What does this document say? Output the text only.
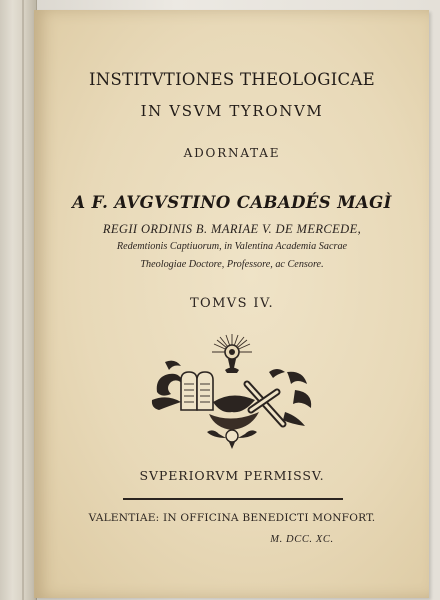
INSTITVTIONES THEOLOGICAE
IN VSVM TYRONVM
ADORNATAE
A F. AVGVSTINO CABADÉS MAGÌ
REGII ORDINIS B. MARIAE V. DE MERCEDE,
Redemtionis Captiuorum, in Valentina Academia Sacrae
Theologiae Doctore, Professore, ac Censore.
TOMVS IV.
SVPERIORVM PERMISSV.
VALENTIAE: IN OFFICINA BENEDICTI MONFORT.
M. DCC. XC.
